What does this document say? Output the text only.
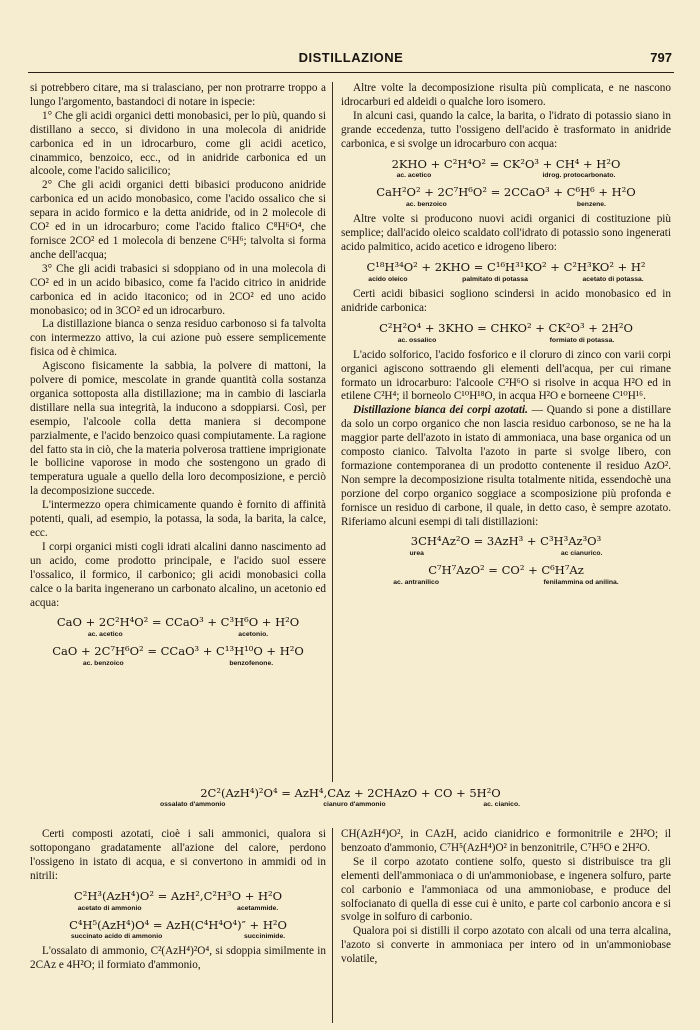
DISTILLAZIONE	797

si potrebbero citare, ma si tralasciano, per non protrarre troppo a lungo l'argomento, bastandoci di notare in ispecie:

1° Che gli acidi organici detti monobasici, per lo più, quando si distillano a secco, si dividono in una molecola di anidride carbonica ed in un idrocarburo, come gli acidi acetico, cinammico, benzoico, ecc., od in anidride carbonica ed un alcoole, come l'acido salicilico;

2° Che gli acidi organici detti bibasici producono anidride carbonica ed un acido monobasico, come l'acido ossalico che si separa in acido formico e la detta anidride, od in 2 molecole di CO² ed in un idrocarburo; come l'acido ftalico C⁸H⁶O⁴, che fornisce 2CO² ed 1 molecola di benzene C⁶H⁶; talvolta si forma anche dell'acqua;

3° Che gli acidi trabasici si sdoppiano od in una molecola di CO² ed in un acido bibasico, come fa l'acido citrico in anidride carbonica ed in acido itaconico; od in 2CO² ed uno acido monobasico; od in 3CO² ed un idrocarburo.

La distillazione bianca o senza residuo carbonoso si fa talvolta con intermezzo attivo, la cui azione può essere semplicemente fisica od è chimica.

Agiscono fisicamente la sabbia, la polvere di mattoni, la polvere di pomice, mescolate in grande quantità colla sostanza organica sottoposta alla distillazione; ma in cambio di lasciarla distillare nella sua integrità, la inducono a sdoppiarsi. Così, per esempio, l'alcoole colla detta maniera si decompone parzialmente, e l'acido benzoico quasi compiutamente. La ragione del fatto sta in ciò, che la materia polverosa trattiene imprigionate le bollicine vaporose in modo che sostengono un grado di temperatura uguale a quello della loro decomposizione, e perciò la decomposizione succede.

L'intermezzo opera chimicamente quando è fornito di affinità potenti, quali, ad esempio, la potassa, la soda, la barita, la calce, ecc.

I corpi organici misti cogli idrati alcalini danno nascimento ad un acido, come prodotto principale, e l'acido suol essere l'ossalico, il formico, il carbonico; gli acidi monobasici colla calce o la barita ingenerano un carbonato alcalino, un acetonio ed acqua:

CaO + 2C²H⁴O² = CCaO³ + C³H⁶O + H²O
ac. acetico	acetonio.
CaO + 2C⁷H⁶O² = CCaO³ + C¹³H¹⁰O + H²O
ac. benzoico	benzofenone.

Altre volte la decomposizione risulta più complicata, e ne nascono idrocarburi ed aldeidi o qualche loro isomero.

In alcuni casi, quando la calce, la barita, o l'idrato di potassio siano in grande eccedenza, tutto l'ossigeno dell'acido è trasformato in anidride carbonica, e si svolge un idrocarburo con acqua:

2KHO + C²H⁴O² = CK²O³ + CH⁴ + H²O
ac. acetico	idrog. protocarbonato.
CaH²O² + 2C⁷H⁶O² = 2CCaO³ + C⁶H⁶ + H²O
ac. benzoico	benzene.

Altre volte si producono nuovi acidi organici di costituzione più semplice; dall'acido oleico scaldato coll'idrato di potassio sono ingenerati acido palmitico, acido acetico e idrogeno libero:

C¹⁸H³⁴O² + 2KHO = C¹⁶H³¹KO² + C²H³KO² + H²
acido oleico	palmitato di potassa	acetato di potassa.

Certi acidi bibasici sogliono scindersi in acido monobasico ed in anidride carbonica:

C²H²O⁴ + 3KHO = CHKO² + CK²O³ + 2H²O
ac. ossalico	formiato di potassa.

L'acido solforico, l'acido fosforico e il cloruro di zinco con varii corpi organici agiscono sottraendo gli elementi dell'acqua, per cui rimane formato un idrocarburo: l'alcoole C²H⁶O si risolve in acqua H²O ed in etilene C²H⁴; il borneolo C¹⁰H¹⁸O, in acqua H²O e borneene C¹⁰H¹⁶.

Distillazione bianca dei corpi azotati. — Quando si pone a distillare da solo un corpo organico che non lascia residuo carbonoso, se ne ha la maggior parte dell'azoto in istato di ammoniaca, una base organica od un composto cianico. Talvolta l'azoto in parte si svolge libero, con formazione contemporanea di un prodotto contenente il residuo AzO². Non sempre la decomposizione risulta totalmente nitida, essendochè una porzione del corpo organico soggiace a scomposizione più profonda e fornisce un residuo di carbone, il quale, in detto caso, è sempre azotato. Riferiamo alcuni esempi di tali distillazioni:

3CH⁴Az²O = 3AzH³ + C³H³Az³O³
urea	ac cianurico.
C⁷H⁷AzO² = CO² + C⁶H⁷Az
ac. antranilico	fenilammina od anilina.
2C²(AzH⁴)²O⁴ = AzH⁴,CAz + 2CHAzO + CO + 5H²O
ossalato d'ammonio	cianuro d'ammonio	ac. cianico.

Certi composti azotati, cioè i sali ammonici, qualora si sottopongano gradatamente all'azione del calore, perdono l'ossigeno in istato di acqua, e si convertono in ammidi od in nitrili:

C²H³(AzH⁴)O² = AzH²,C²H³O + H²O
acetato di ammonio	acetammide.
C⁴H⁵(AzH⁴)O⁴ = AzH(C⁴H⁴O⁴)″ + H²O
succinato acido di ammonio	succinimide.

L'ossalato di ammonio, C²(AzH⁴)²O⁴, si sdoppia similmente in 2CAz e 4H²O; il formiato d'ammonio,

CH(AzH⁴)O², in CAzH, acido cianidrico e formonitrile e 2H²O; il benzoato d'ammonio, C⁷H⁵(AzH⁴)O² in benzonitrile, C⁷H⁵O e 2H²O.

Se il corpo azotato contiene solfo, questo si distribuisce tra gli elementi dell'ammoniaca o di un'ammoniobase, e ingenera solfuro, parte col carbonio e l'ammoniaca od una ammoniobase, e produce del solfocianato di quella di esse cui è unito, e parte col carbonio ancora e si svolge in solfuro di carbonio.

Qualora poi si distilli il corpo azotato con alcali od una terra alcalina, l'azoto si converte in ammoniaca per intero od in un'ammoniobase volatile,
